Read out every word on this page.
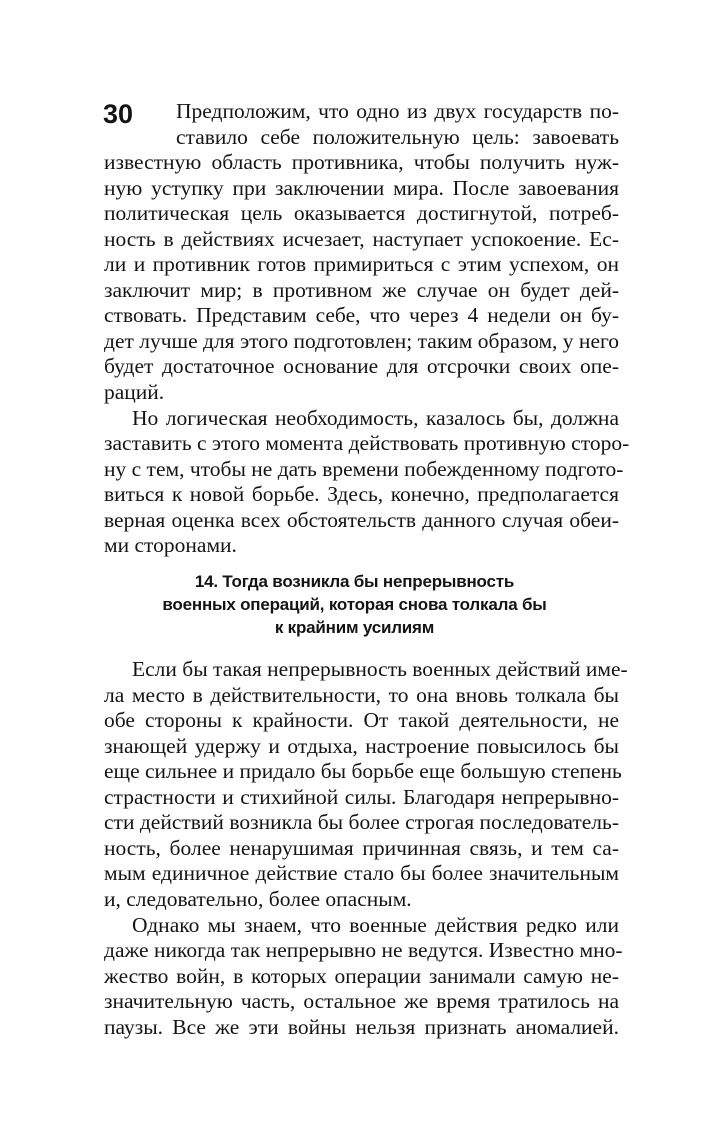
30 Предположим, что одно из двух государств по-
ставило себе положительную цель: завоевать
известную область противника, чтобы получить нуж-
ную уступку при заключении мира. После завоевания
политическая цель оказывается достигнутой, потреб-
ность в действиях исчезает, наступает успокоение. Ес-
ли и противник готов примириться с этим успехом, он
заключит мир; в противном же случае он будет дей-
ствовать. Представим себе, что через 4 недели он бу-
дет лучше для этого подготовлен; таким образом, у него
будет достаточное основание для отсрочки своих опе-
раций.
Но логическая необходимость, казалось бы, должна
заставить с этого момента действовать противную сторо-
ну с тем, чтобы не дать времени побежденному подгото-
виться к новой борьбе. Здесь, конечно, предполагается
верная оценка всех обстоятельств данного случая обеи-
ми сторонами.
14. Тогда возникла бы непрерывность
военных операций, которая снова толкала бы
к крайним усилиям
Если бы такая непрерывность военных действий име-
ла место в действительности, то она вновь толкала бы
обе стороны к крайности. От такой деятельности, не
знающей удержу и отдыха, настроение повысилось бы
еще сильнее и придало бы борьбе еще большую степень
страстности и стихийной силы. Благодаря непрерывно-
сти действий возникла бы более строгая последователь-
ность, более ненарушимая причинная связь, и тем са-
мым единичное действие стало бы более значительным
и, следовательно, более опасным.
Однако мы знаем, что военные действия редко или
даже никогда так непрерывно не ведутся. Известно мно-
жество войн, в которых операции занимали самую не-
значительную часть, остальное же время тратилось на
паузы. Все же эти войны нельзя признать аномалией.
